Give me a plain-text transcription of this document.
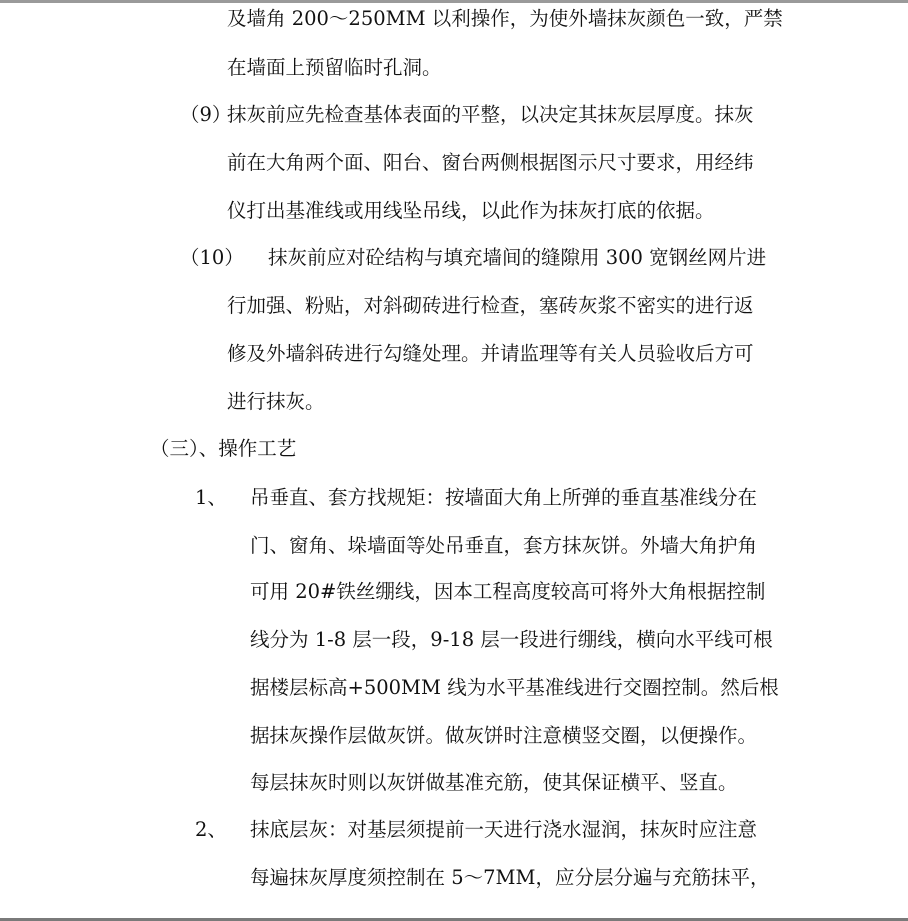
及墙角 200～250MM 以利操作，为使外墙抹灰颜色一致，严禁
在墙面上预留临时孔洞。
（9）
抹灰前应先检查基体表面的平整，以决定其抹灰层厚度。抹灰
前在大角两个面、阳台、窗台两侧根据图示尺寸要求，用经纬
仪打出基准线或用线坠吊线，以此作为抹灰打底的依据。
（10） 抹灰前应对砼结构与填充墙间的缝隙用 300 宽钢丝网片进
行加强、粉贴，对斜砌砖进行检查，塞砖灰浆不密实的进行返
修及外墙斜砖进行勾缝处理。并请监理等有关人员验收后方可
进行抹灰。
（三）、操作工艺
1、 吊垂直、套方找规矩：按墙面大角上所弹的垂直基准线分在
门、窗角、垛墙面等处吊垂直，套方抹灰饼。外墙大角护角
可用 20#铁丝绷线，因本工程高度较高可将外大角根据控制
线分为 1-8 层一段，9-18 层一段进行绷线，横向水平线可根
据楼层标高+500MM 线为水平基准线进行交圈控制。然后根
据抹灰操作层做灰饼。做灰饼时注意横竖交圈，以便操作。
每层抹灰时则以灰饼做基准充筋，使其保证横平、竖直。
2、 抹底层灰：对基层须提前一天进行浇水湿润，抹灰时应注意
每遍抹灰厚度须控制在 5～7MM，应分层分遍与充筋抹平，
